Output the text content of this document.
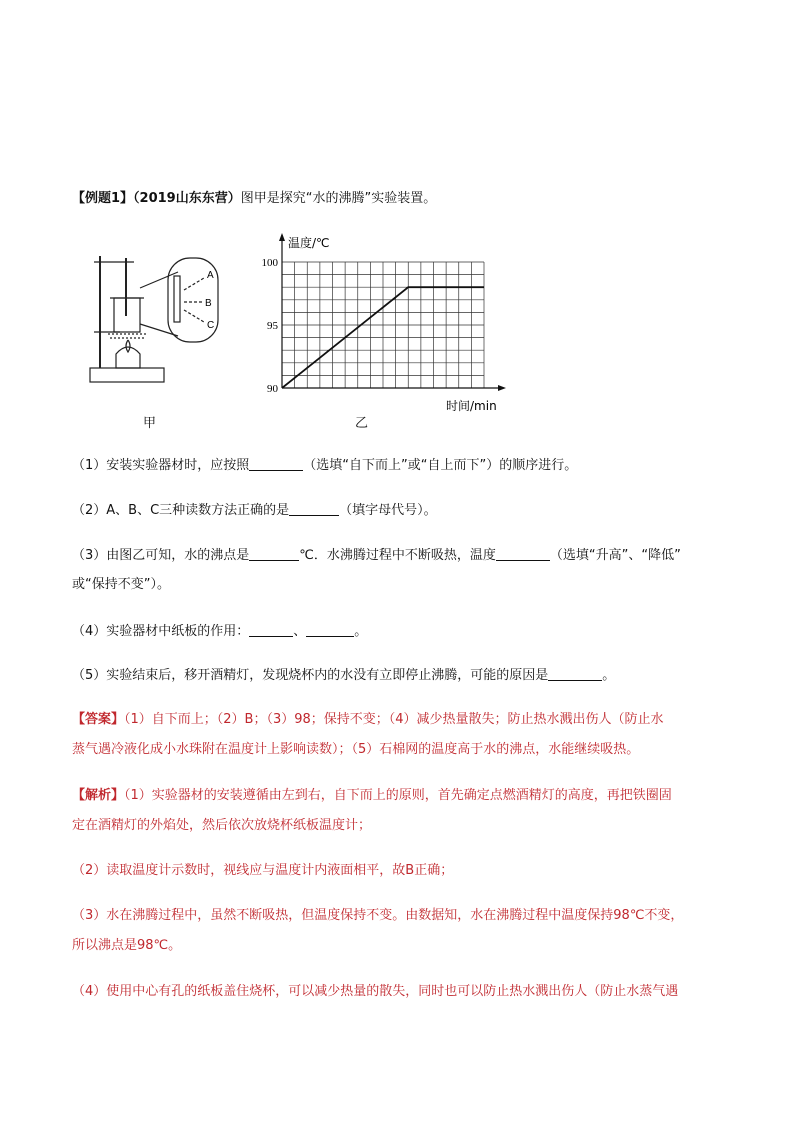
【例题1】（2019山东东营）图甲是探究“水的沸腾”实验装置。
A
B
C
甲
100
95
90
温度/℃
时间/min
乙
（1）安装实验器材时，应按照	（选填“自下而上”或“自上而下”）的顺序进行。
（2）A、B、C三种读数方法正确的是	（填字母代号）。
（3）由图乙可知，水的沸点是	℃．水沸腾过程中不断吸热，温度	（选填“升高”、“降低”
或“保持不变”）。
（4）实验器材中纸板的作用：	、	。
（5）实验结束后，移开酒精灯，发现烧杯内的水没有立即停止沸腾，可能的原因是	。
【答案】（1）自下而上；（2）B；（3）98；保持不变；（4）减少热量散失；防止热水溅出伤人（防止水
蒸气遇冷液化成小水珠附在温度计上影响读数）；（5）石棉网的温度高于水的沸点，水能继续吸热。
【解析】（1）实验器材的安装遵循由左到右，自下而上的原则，首先确定点燃酒精灯的高度，再把铁圈固
定在酒精灯的外焰处，然后依次放烧杯纸板温度计；
（2）读取温度计示数时，视线应与温度计内液面相平，故B正确；
（3）水在沸腾过程中，虽然不断吸热，但温度保持不变。由数据知，水在沸腾过程中温度保持98℃不变，
所以沸点是98℃。
（4）使用中心有孔的纸板盖住烧杯，可以减少热量的散失，同时也可以防止热水溅出伤人（防止水蒸气遇
